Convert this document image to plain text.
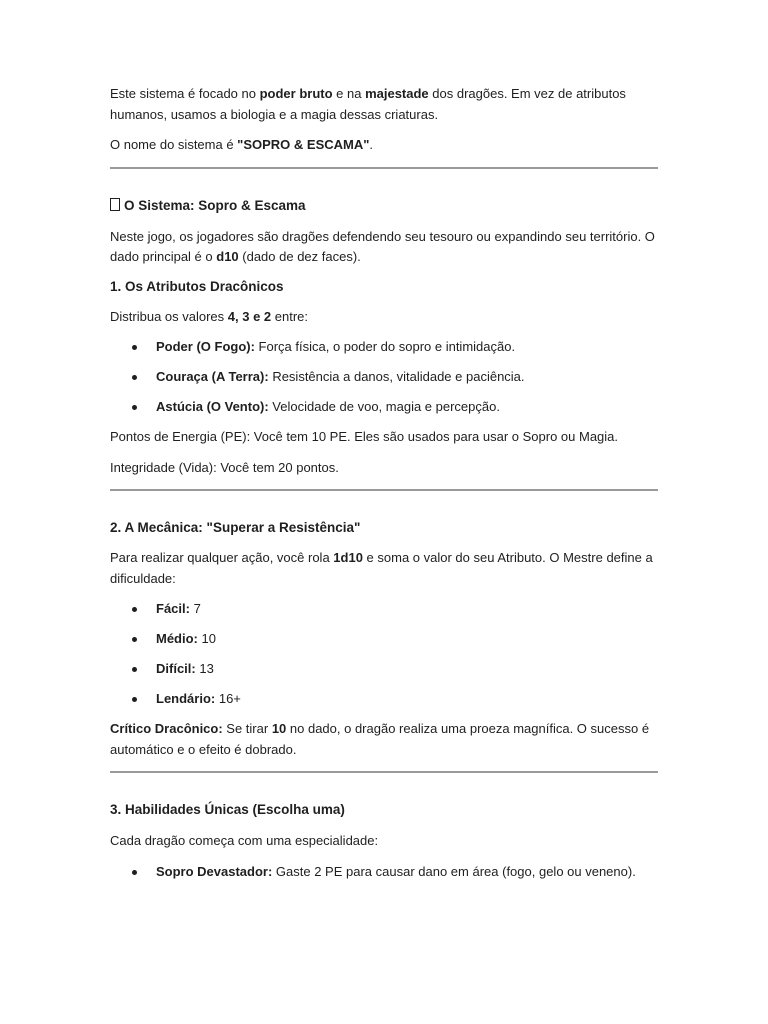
Este sistema é focado no poder bruto e na majestade dos dragões. Em vez de atributos humanos, usamos a biologia e a magia dessas criaturas.

O nome do sistema é "SOPRO & ESCAMA".

O Sistema: Sopro & Escama

Neste jogo, os jogadores são dragões defendendo seu tesouro ou expandindo seu território. O dado principal é o d10 (dado de dez faces).

1. Os Atributos Dracônicos

Distribua os valores 4, 3 e 2 entre:

Poder (O Fogo): Força física, o poder do sopro e intimidação.
Couraça (A Terra): Resistência a danos, vitalidade e paciência.
Astúcia (O Vento): Velocidade de voo, magia e percepção.

Pontos de Energia (PE): Você tem 10 PE. Eles são usados para usar o Sopro ou Magia.

Integridade (Vida): Você tem 20 pontos.

2. A Mecânica: "Superar a Resistência"

Para realizar qualquer ação, você rola 1d10 e soma o valor do seu Atributo. O Mestre define a dificuldade:

Fácil: 7
Médio: 10
Difícil: 13
Lendário: 16+

Crítico Dracônico: Se tirar 10 no dado, o dragão realiza uma proeza magnífica. O sucesso é automático e o efeito é dobrado.

3. Habilidades Únicas (Escolha uma)

Cada dragão começa com uma especialidade:

Sopro Devastador: Gaste 2 PE para causar dano em área (fogo, gelo ou veneno).
